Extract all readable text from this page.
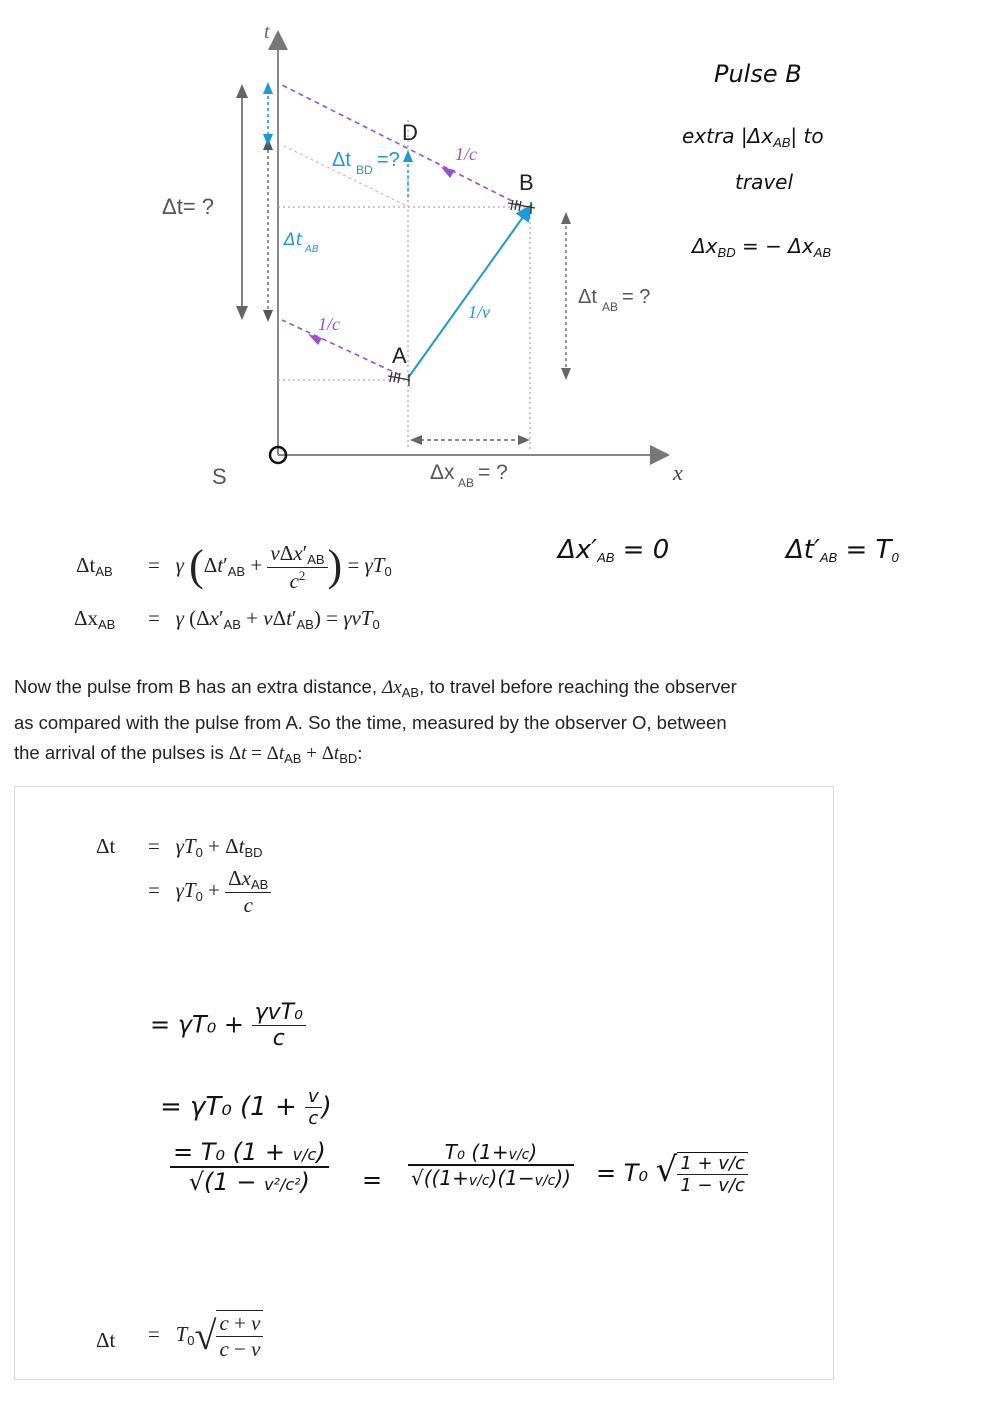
t
x
S
A
B
D
1/v
1/c
1/c
Δt= ?
Δt BD =?
Δt AB = ?
Δx AB = ?
Δt AB
Pulse B
extra $|\Delta x_{AB}|$ to
travel
$\Delta x_{BD}$ = − $\Delta x_{AB}$
$\Delta x'_{AB} = 0$	$\Delta t'_{AB} = T_0$
$\Delta t_{AB} = \gamma$ ($\Delta t'_{AB} + \frac{v\Delta x'_{AB}}{c^2}$ ) = $\gamma T_0$
$\Delta x_{AB} = \gamma$ $(\Delta x'_{AB} + v\Delta t'_{AB}) = \gamma vT_0$
Now the pulse from B has an extra distance, $\Delta x_{AB}$, to travel before reaching the observer
as compared with the pulse from A. So the time, measured by the observer O, between
the arrival of the pulses is $\Delta t = \Delta t_{AB} + \Delta t_{BD}$:
$\Delta t = \gamma T_0 + \Delta t_{BD}$
=   $\gamma T_0 + \frac{\Delta x_{AB}}{c}$
= $\gamma T_0 + \frac{\text{γvT₀}}{c}$
= γT₀ ($1 + \frac{v}{c}$ )
$\frac{\text{= T₀ (1 + v/c)}}{\text{√(1 − v²/c²)}} = \frac{\text{T₀ (1+v/c)}}{√((1+v/c)(1-v/c))} = T_0$ √ $\frac{1 + v/c}{1 - v/c}$
$\Delta t = T_0√ \frac{c + v}{c - v}$
